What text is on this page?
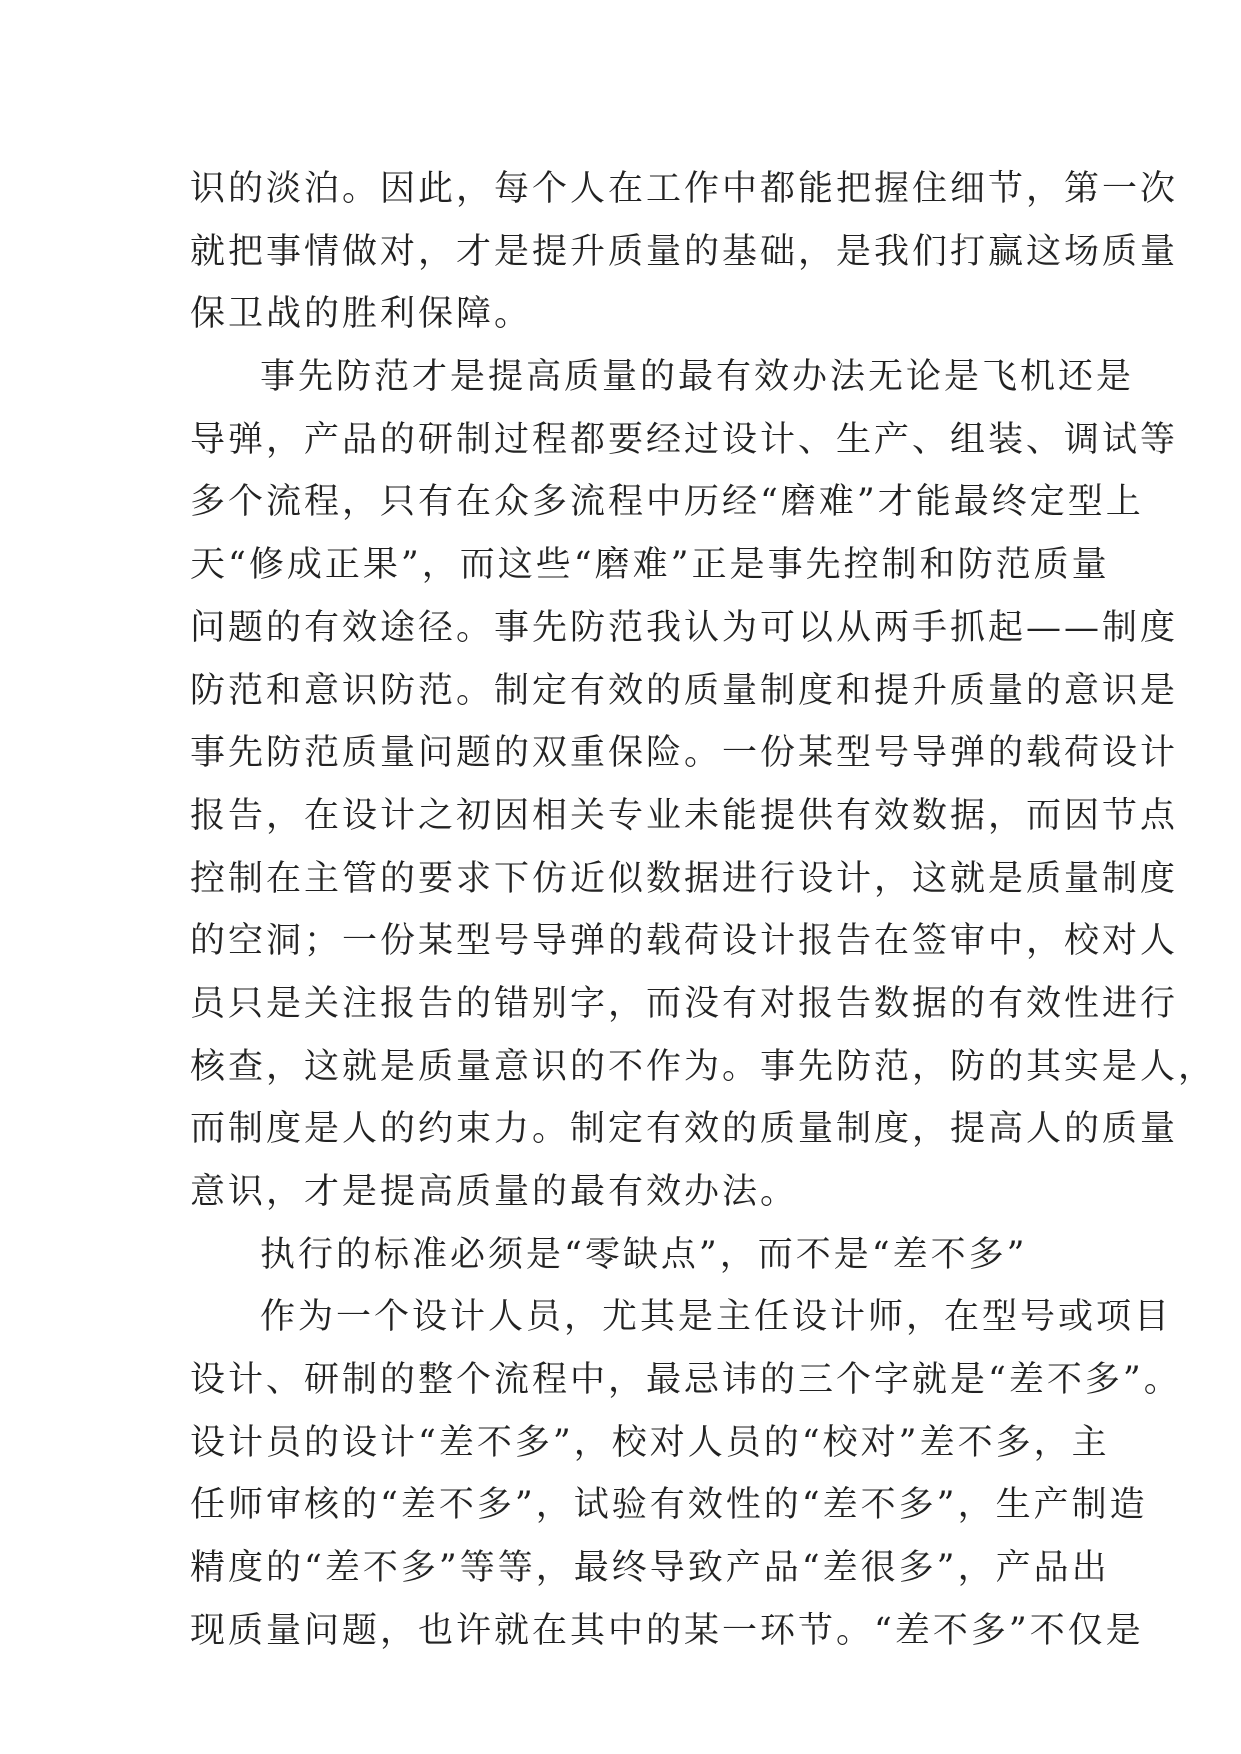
识的淡泊。因此，每个人在工作中都能把握住细节，第一次
就把事情做对，才是提升质量的基础，是我们打赢这场质量
保卫战的胜利保障。
事先防范才是提高质量的最有效办法无论是飞机还是
导弹，产品的研制过程都要经过设计、生产、组装、调试等
多个流程，只有在众多流程中历经“磨难”才能最终定型上
天“修成正果”，而这些“磨难”正是事先控制和防范质量
问题的有效途径。事先防范我认为可以从两手抓起——制度
防范和意识防范。制定有效的质量制度和提升质量的意识是
事先防范质量问题的双重保险。一份某型号导弹的载荷设计
报告，在设计之初因相关专业未能提供有效数据，而因节点
控制在主管的要求下仿近似数据进行设计，这就是质量制度
的空洞；一份某型号导弹的载荷设计报告在签审中，校对人
员只是关注报告的错别字，而没有对报告数据的有效性进行
核查，这就是质量意识的不作为。事先防范，防的其实是人，
而制度是人的约束力。制定有效的质量制度，提高人的质量
意识，才是提高质量的最有效办法。
执行的标准必须是“零缺点”，而不是“差不多”
作为一个设计人员，尤其是主任设计师，在型号或项目
设计、研制的整个流程中，最忌讳的三个字就是“差不多”。
设计员的设计“差不多”，校对人员的“校对”差不多，主
任师审核的“差不多”，试验有效性的“差不多”，生产制造
精度的“差不多”等等，最终导致产品“差很多”，产品出
现质量问题，也许就在其中的某一环节。“差不多”不仅是
